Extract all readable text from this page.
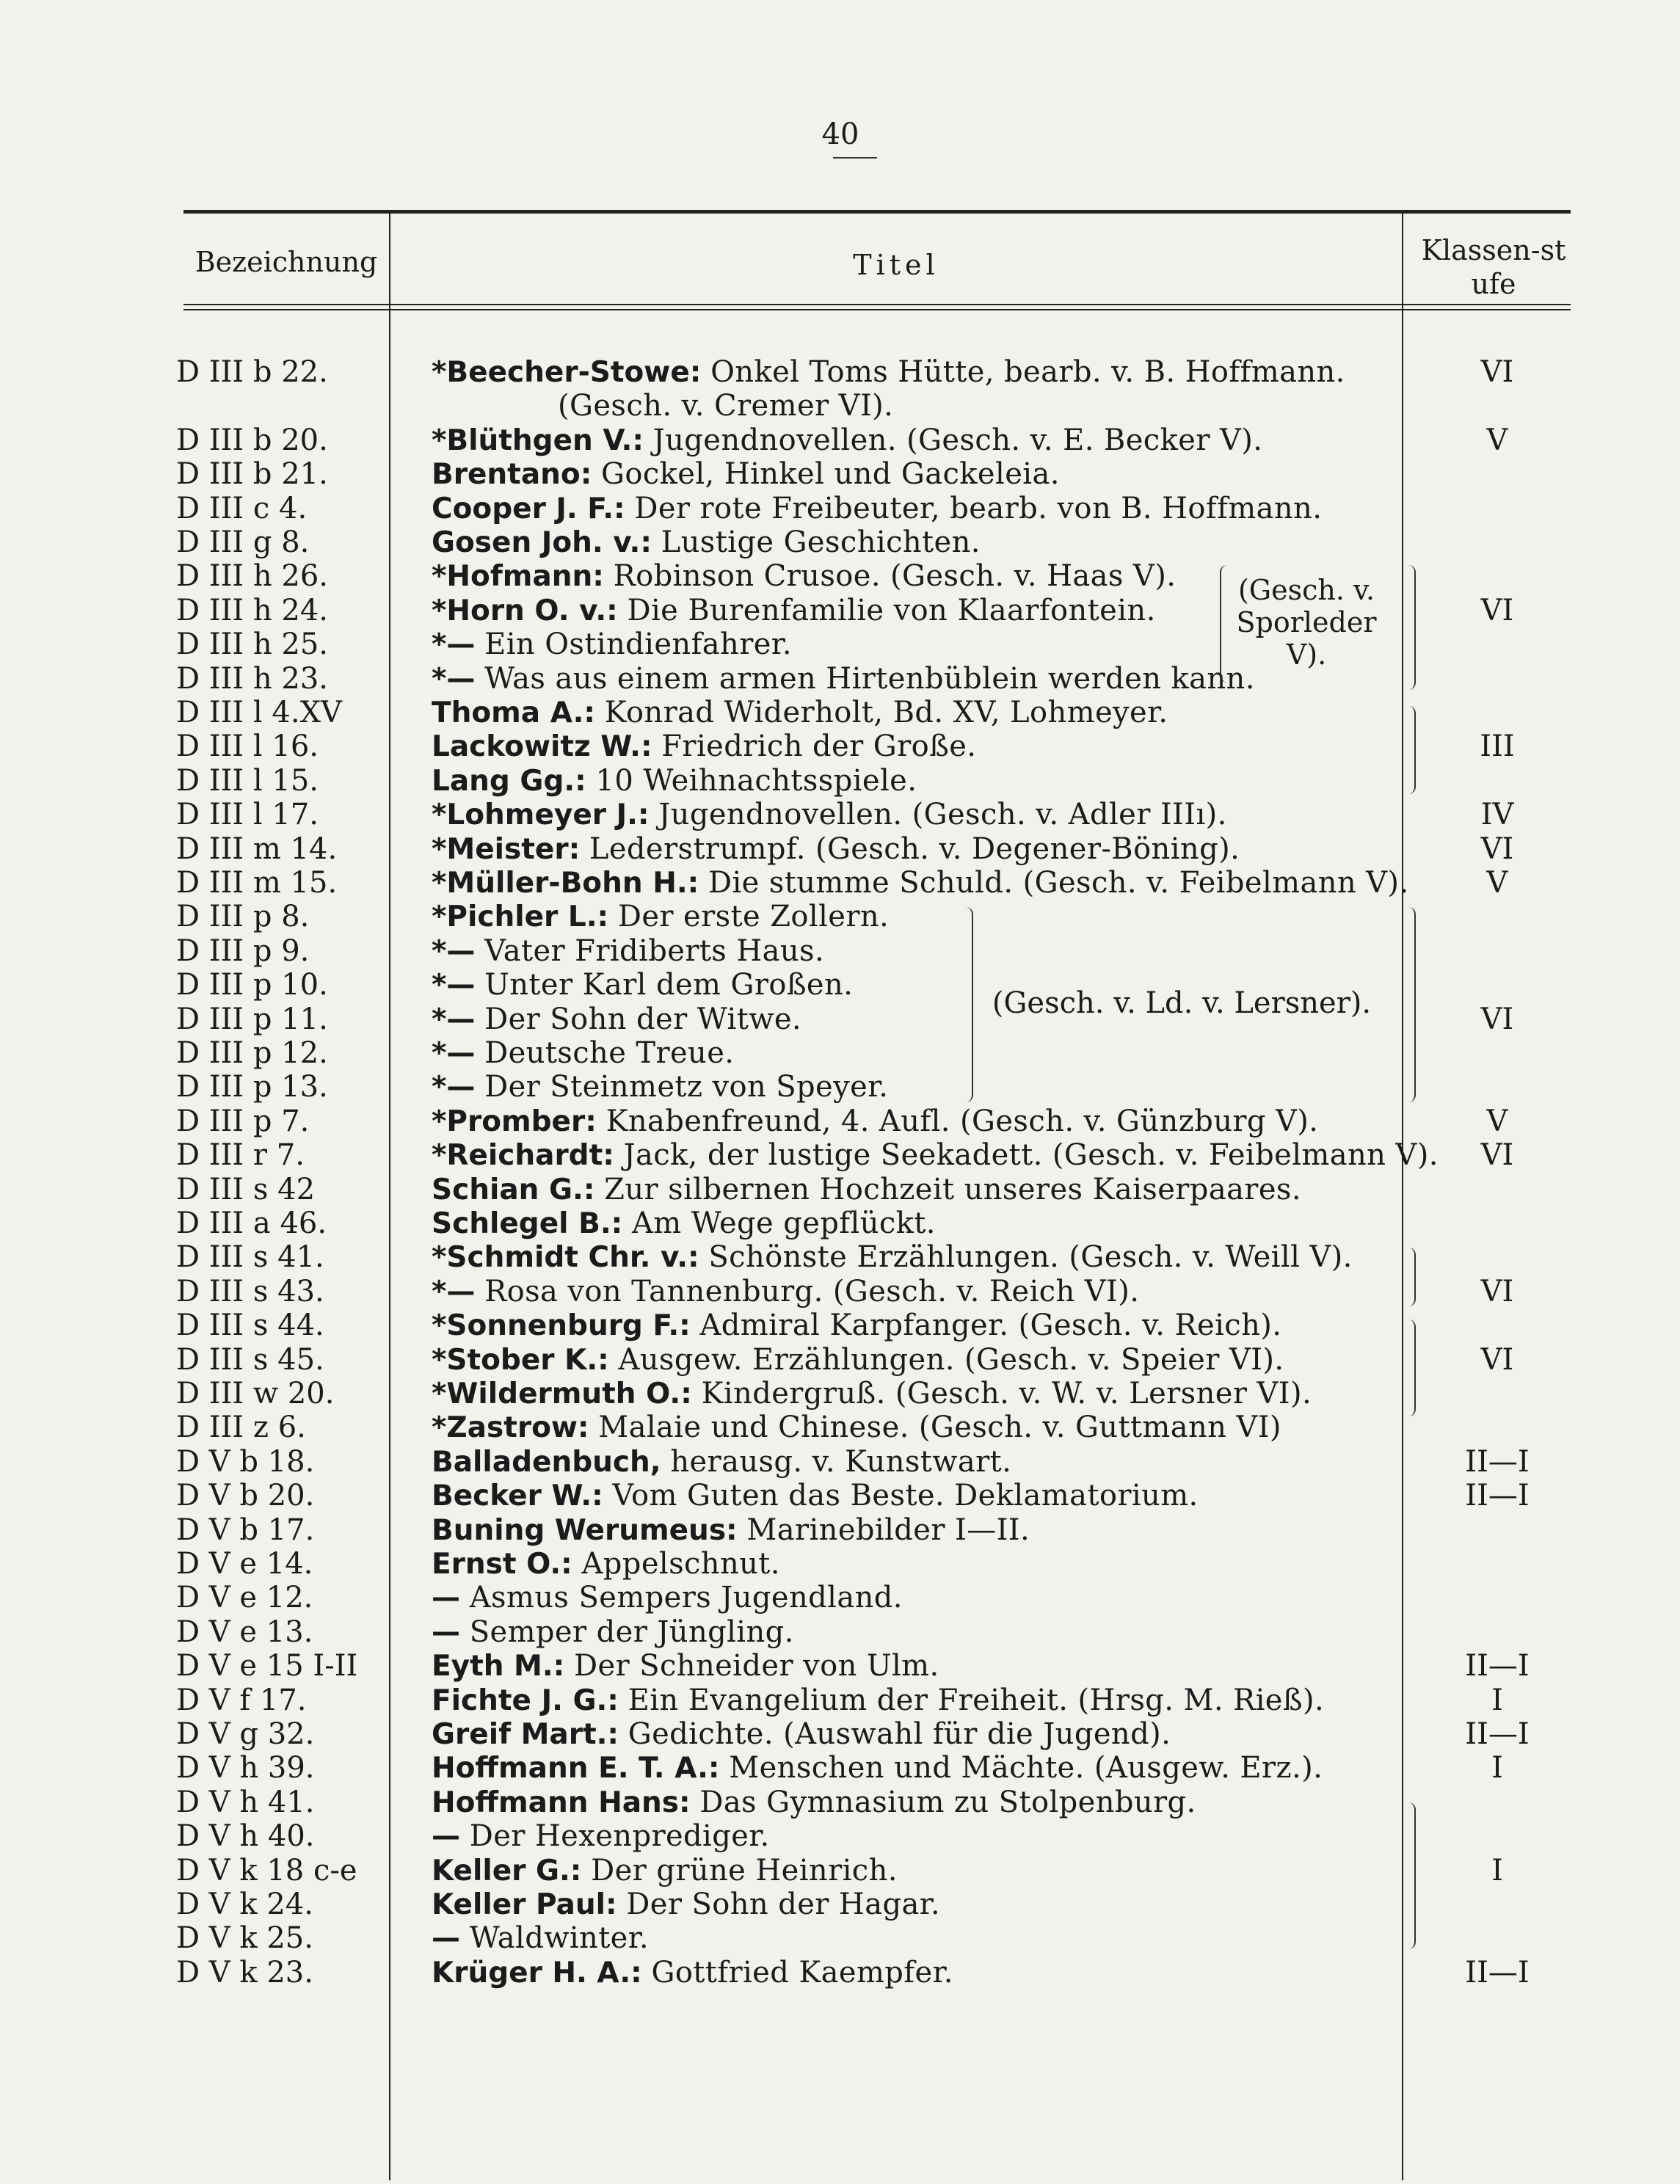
40
Bezeichnung	Titel	Klassen-stufe
D III b 22.	*Beecher-Stowe: Onkel Toms Hütte, bearb. v. B. Hoffmann.	VI
(Gesch. v. Cremer VI).
D III b 20.	*Blüthgen V.: Jugendnovellen. (Gesch. v. E. Becker V).	V
D III b 21.	Brentano: Gockel, Hinkel und Gackeleia.
D III c 4.	Cooper J. F.: Der rote Freibeuter, bearb. von B. Hoffmann.
D III g 8.	Gosen Joh. v.: Lustige Geschichten.
D III h 26.	*Hofmann: Robinson Crusoe. (Gesch. v. Haas V).
D III h 24.	*Horn O. v.: Die Burenfamilie von Klaarfontein.	VI
D III h 25.	*— Ein Ostindienfahrer.
D III h 23.	*— Was aus einem armen Hirtenbüblein werden kann.
D III l 4.XV	Thoma A.: Konrad Widerholt, Bd. XV, Lohmeyer.
D III l 16.	Lackowitz W.: Friedrich der Große.	III
D III l 15.	Lang Gg.: 10 Weihnachtsspiele.
D III l 17.	*Lohmeyer J.: Jugendnovellen. (Gesch. v. Adler IIIı).	IV
D III m 14.	*Meister: Lederstrumpf. (Gesch. v. Degener-Böning).	VI
D III m 15.	*Müller-Bohn H.: Die stumme Schuld. (Gesch. v. Feibelmann V).	V
D III p 8.	*Pichler L.: Der erste Zollern.
D III p 9.	*— Vater Fridiberts Haus.
D III p 10.	*— Unter Karl dem Großen.
D III p 11.	*— Der Sohn der Witwe.	VI
D III p 12.	*— Deutsche Treue.
D III p 13.	*— Der Steinmetz von Speyer.
D III p 7.	*Promber: Knabenfreund, 4. Aufl. (Gesch. v. Günzburg V).	V
D III r 7.	*Reichardt: Jack, der lustige Seekadett. (Gesch. v. Feibelmann V).	VI
D III s 42	Schian G.: Zur silbernen Hochzeit unseres Kaiserpaares.
D III a 46.	Schlegel B.: Am Wege gepflückt.
D III s 41.	*Schmidt Chr. v.: Schönste Erzählungen. (Gesch. v. Weill V).
D III s 43.	*— Rosa von Tannenburg. (Gesch. v. Reich VI).	VI
D III s 44.	*Sonnenburg F.: Admiral Karpfanger. (Gesch. v. Reich).
D III s 45.	*Stober K.: Ausgew. Erzählungen. (Gesch. v. Speier VI).	VI
D III w 20.	*Wildermuth O.: Kindergruß. (Gesch. v. W. v. Lersner VI).
D III z 6.	*Zastrow: Malaie und Chinese. (Gesch. v. Guttmann VI)
D V b 18.	Balladenbuch, herausg. v. Kunstwart.	II—I
D V b 20.	Becker W.: Vom Guten das Beste. Deklamatorium.	II—I
D V b 17.	Buning Werumeus: Marinebilder I—II.
D V e 14.	Ernst O.: Appelschnut.
D V e 12.	— Asmus Sempers Jugendland.
D V e 13.	— Semper der Jüngling.
D V e 15 I-II	Eyth M.: Der Schneider von Ulm.	II—I
D V f 17.	Fichte J. G.: Ein Evangelium der Freiheit. (Hrsg. M. Rieß).	I
D V g 32.	Greif Mart.: Gedichte. (Auswahl für die Jugend).	II—I
D V h 39.	Hoffmann E. T. A.: Menschen und Mächte. (Ausgew. Erz.).	I
D V h 41.	Hoffmann Hans: Das Gymnasium zu Stolpenburg.
D V h 40.	— Der Hexenprediger.
D V k 18 c-e	Keller G.: Der grüne Heinrich.	I
D V k 24.	Keller Paul: Der Sohn der Hagar.
D V k 25.	— Waldwinter.
D V k 23.	Krüger H. A.: Gottfried Kaempfer.	II—I
(Gesch. v. Sporleder V).
(Gesch. v. Ld. v. Lersner).
